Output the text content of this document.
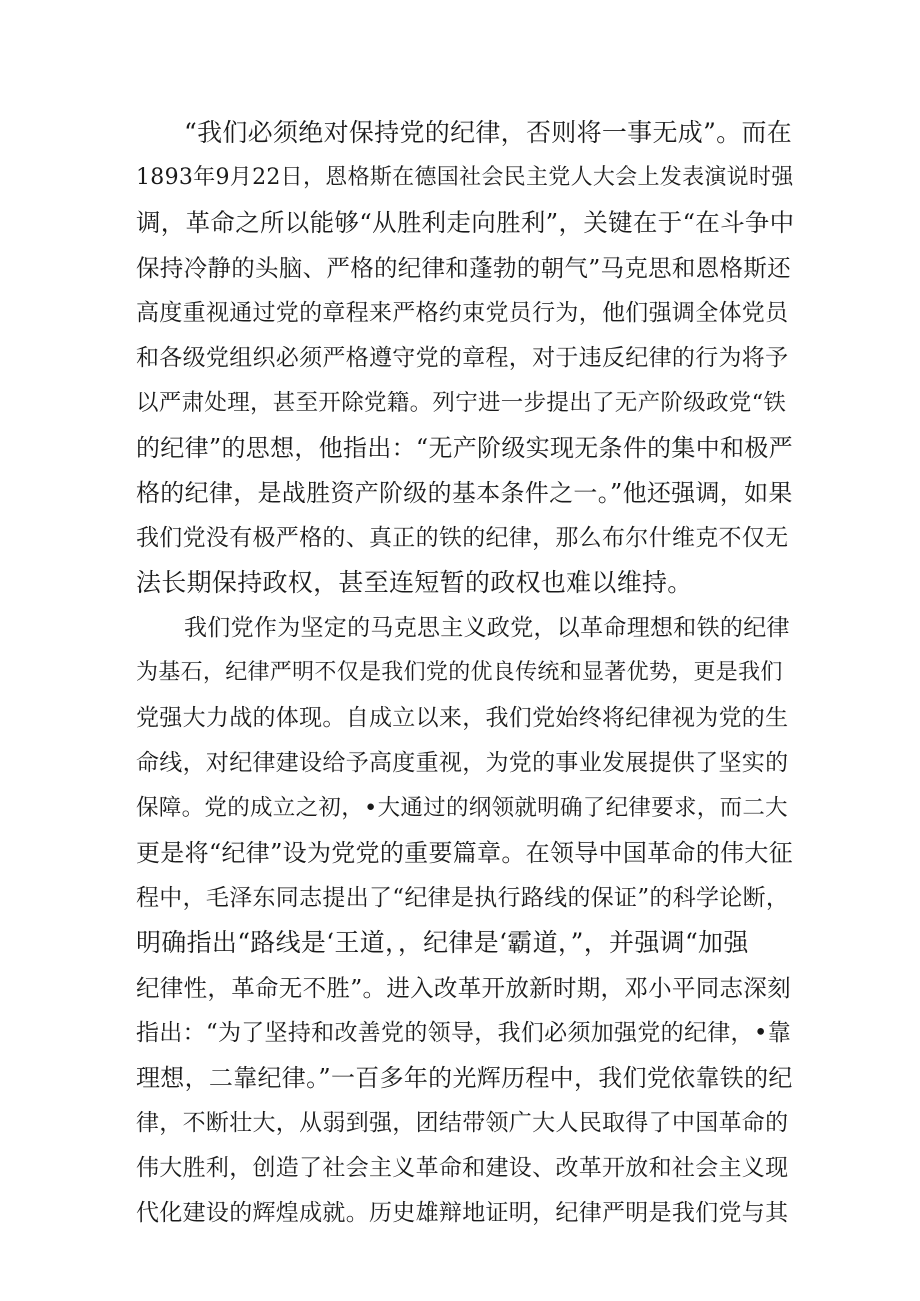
“我们必须绝对保持党的纪律，否则将一事无成”。而在
1893年9月22日，恩格斯在德国社会民主党人大会上发表演说时强
调，革命之所以能够“从胜利走向胜利”，关键在于“在斗争中
保持冷静的头脑、严格的纪律和蓬勃的朝气”马克思和恩格斯还
高度重视通过党的章程来严格约束党员行为，他们强调全体党员
和各级党组织必须严格遵守党的章程，对于违反纪律的行为将予
以严肃处理，甚至开除党籍。列宁进一步提出了无产阶级政党“铁
的纪律”的思想，他指出：“无产阶级实现无条件的集中和极严
格的纪律，是战胜资产阶级的基本条件之一。”他还强调，如果
我们党没有极严格的、真正的铁的纪律，那么布尔什维克不仅无
法长期保持政权，甚至连短暂的政权也难以维持。
我们党作为坚定的马克思主义政党，以革命理想和铁的纪律
为基石，纪律严明不仅是我们党的优良传统和显著优势，更是我们
党强大力战的体现。自成立以来，我们党始终将纪律视为党的生
命线，对纪律建设给予高度重视，为党的事业发展提供了坚实的
保障。党的成立之初，•大通过的纲领就明确了纪律要求，而二大
更是将“纪律”设为党党的重要篇章。在领导中国革命的伟大征
程中，毛泽东同志提出了“纪律是执行路线的保证”的科学论断，
明确指出“路线是‘王道，，纪律是‘霸道，”，并强调“加强
纪律性，革命无不胜”。进入改革开放新时期，邓小平同志深刻
指出：“为了坚持和改善党的领导，我们必须加强党的纪律，•靠
理想，二靠纪律。”一百多年的光辉历程中，我们党依靠铁的纪
律，不断壮大，从弱到强，团结带领广大人民取得了中国革命的
伟大胜利，创造了社会主义革命和建设、改革开放和社会主义现
代化建设的辉煌成就。历史雄辩地证明，纪律严明是我们党与其
